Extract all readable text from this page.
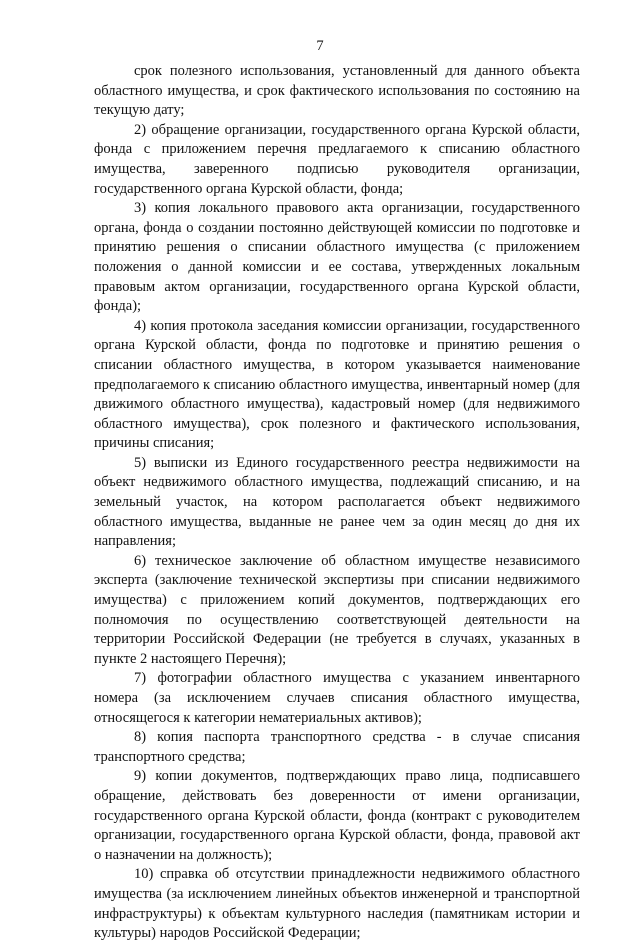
7

срок полезного использования, установленный для данного объекта областного имущества, и срок фактического использования по состоянию на текущую дату;

2) обращение организации, государственного органа Курской области, фонда с приложением перечня предлагаемого к списанию областного имущества, заверенного подписью руководителя организации, государственного органа Курской области, фонда;

3) копия локального правового акта организации, государственного органа, фонда о создании постоянно действующей комиссии по подготовке и принятию решения о списании областного имущества (с приложением положения о данной комиссии и ее состава, утвержденных локальным правовым актом организации, государственного органа Курской области, фонда);

4) копия протокола заседания комиссии организации, государственного органа Курской области, фонда по подготовке и принятию решения о списании областного имущества, в котором указывается наименование предполагаемого к списанию областного имущества, инвентарный номер (для движимого областного имущества), кадастровый номер (для недвижимого областного имущества), срок полезного и фактического использования, причины списания;

5) выписки из Единого государственного реестра недвижимости на объект недвижимого областного имущества, подлежащий списанию, и на земельный участок, на котором располагается объект недвижимого областного имущества, выданные не ранее чем за один месяц до дня их направления;

6) техническое заключение об областном имуществе независимого эксперта (заключение технической экспертизы при списании недвижимого имущества) с приложением копий документов, подтверждающих его полномочия по осуществлению соответствующей деятельности на территории Российской Федерации (не требуется в случаях, указанных в пункте 2 настоящего Перечня);

7) фотографии областного имущества с указанием инвентарного номера (за исключением случаев списания областного имущества, относящегося к категории нематериальных активов);

8) копия паспорта транспортного средства - в случае списания транспортного средства;

9) копии документов, подтверждающих право лица, подписавшего обращение, действовать без доверенности от имени организации, государственного органа Курской области, фонда (контракт с руководителем организации, государственного органа Курской области, фонда, правовой акт о назначении на должность);

10) справка об отсутствии принадлежности недвижимого областного имущества (за исключением линейных объектов инженерной и транспортной инфраструктуры) к объектам культурного наследия (памятникам истории и культуры) народов Российской Федерации;
